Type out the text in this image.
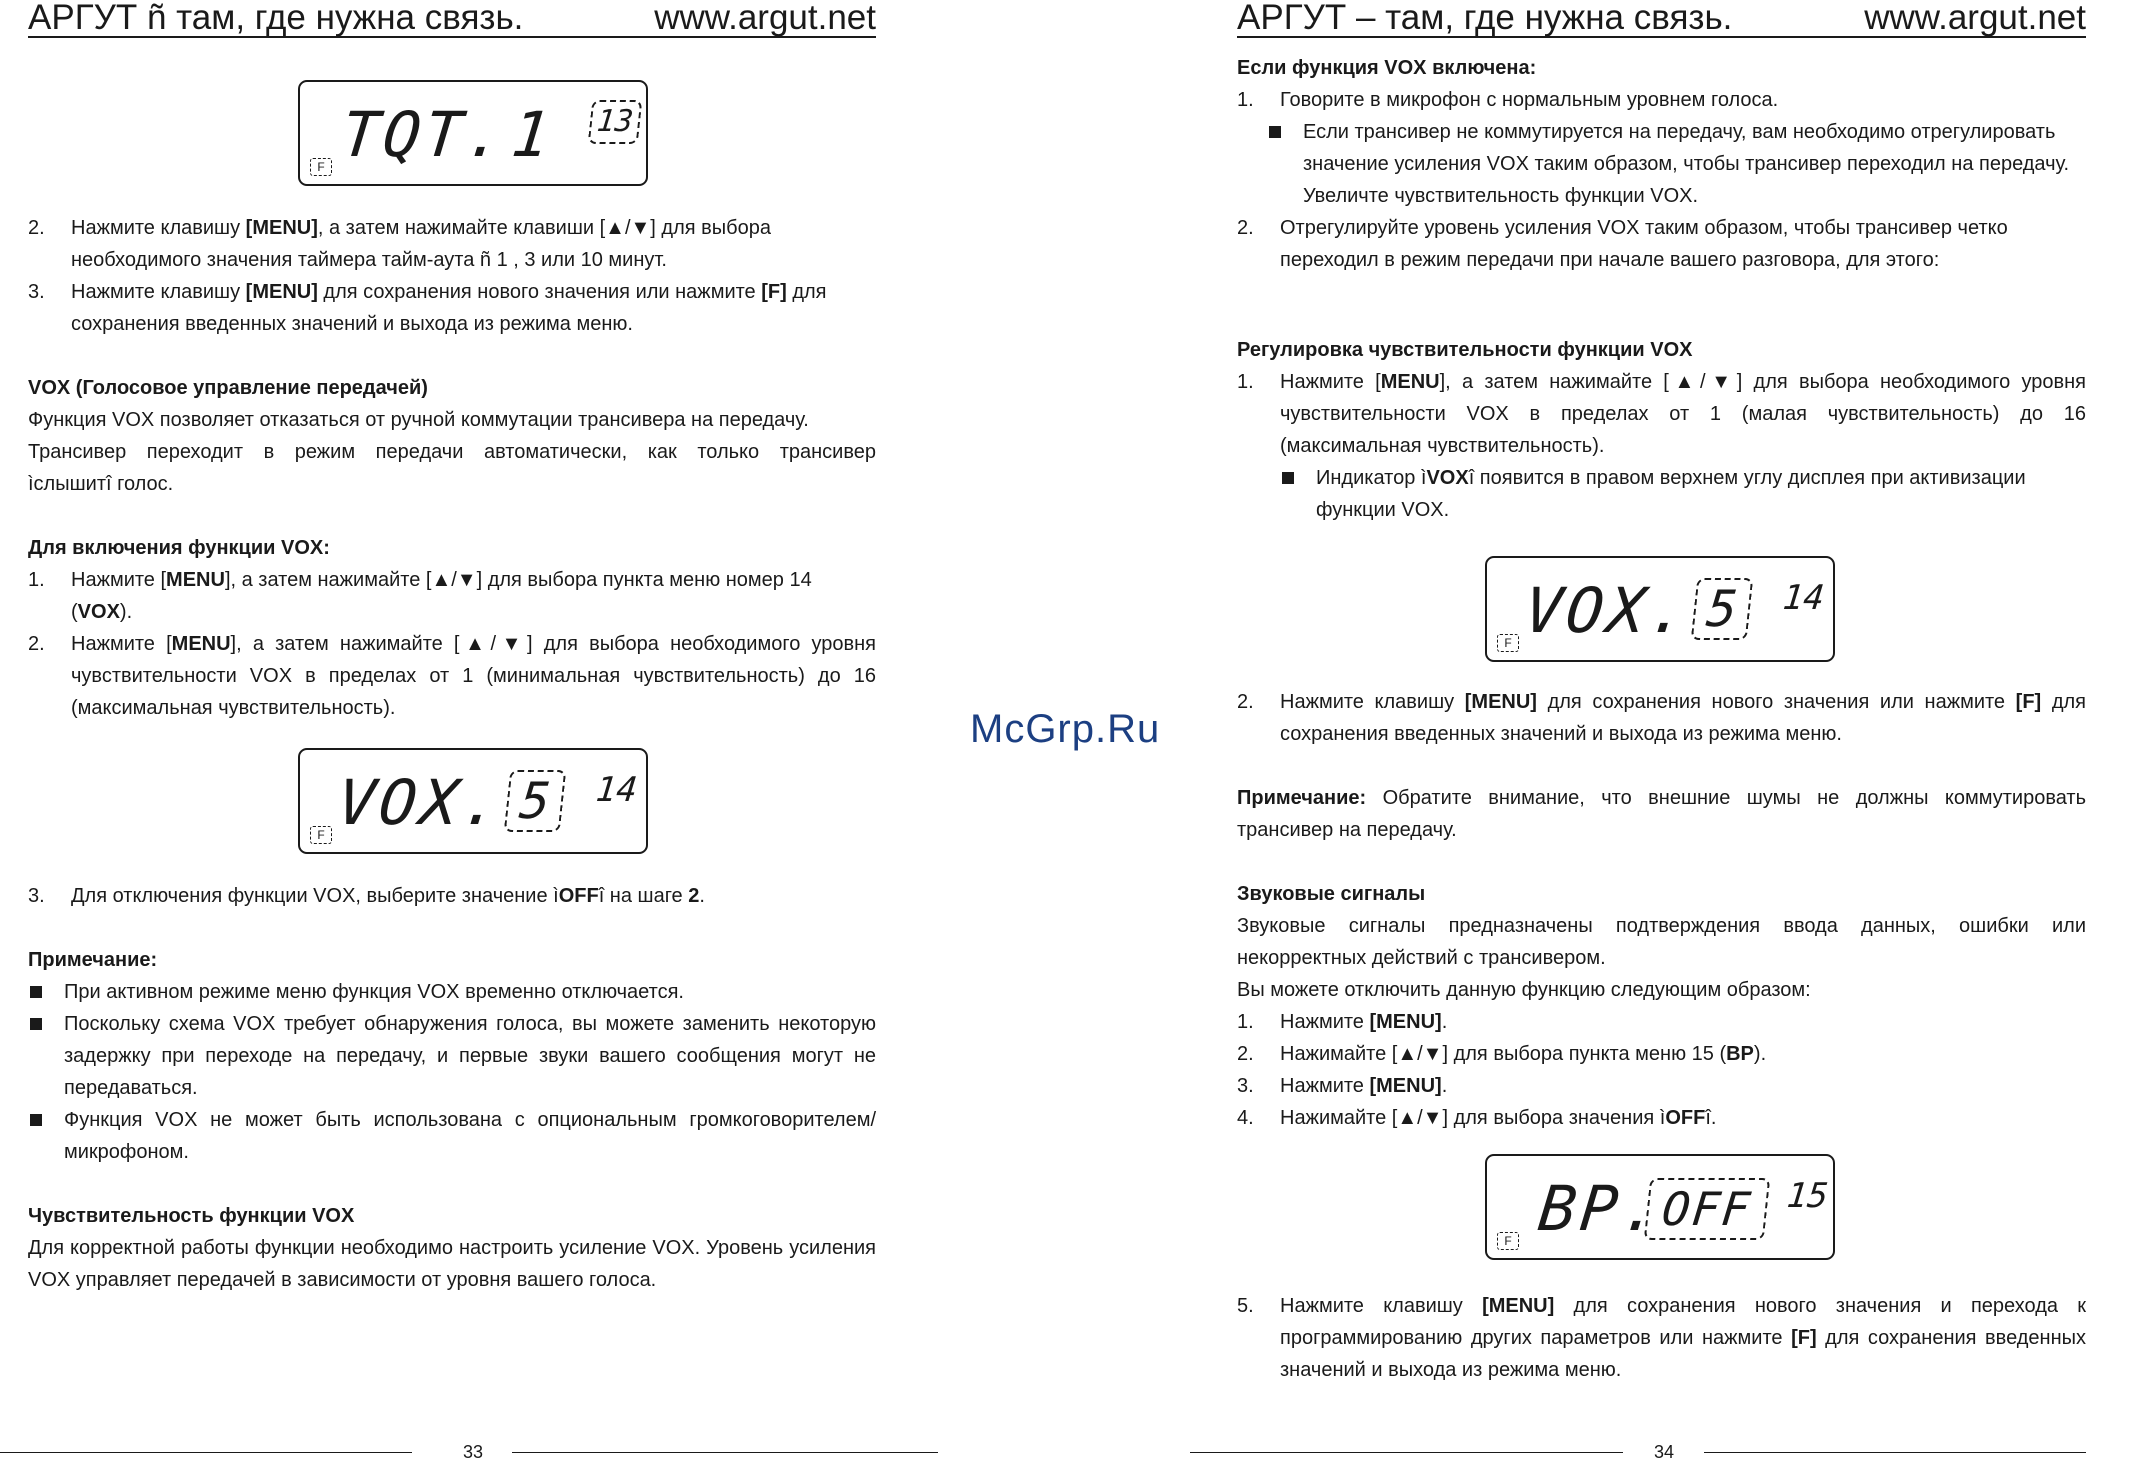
АРГУТ ñ там, где нужна связь.	www.argut.net
TQT.
1 13
F
2.	Нажмите клавишу [MENU], а затем нажимайте клавиши [▲/▼] для выбора необходимого значения таймера тайм-аута ñ 1 , 3 или 10 минут.
3.	Нажмите клавишу [MENU] для сохранения нового значения или нажмите [F] для сохранения введенных значений и выхода из режима меню.

VOX (Голосовое управление передачей)

Функция VOX позволяет отказаться от ручной коммутации трансивера на передачу.

Трансивер переходит в режим передачи автоматически, как только трансивер

ìслышитî голос.

Для включения функции VOX:

1.	Нажмите [MENU], а затем нажимайте [▲/▼] для выбора пункта меню номер 14 (VOX).
2.	Нажмите [MENU], а затем нажимайте [▲/▼] для выбора необходимого уровня чувствительности VOX в пределах от 1 (минимальная чувствительность) до 16 (максимальная чувствительность).
VOX. 5	14
F
3.	Для отключения функции VOX, выберите значение ìOFFî на шаге 2.

Примечание:

При активном режиме меню функция VOX временно отключается.
Поскольку схема VOX требует обнаружения голоса, вы можете заменить некоторую задержку при переходе на передачу, и первые звуки вашего сообщения могут не передаваться.
Функция VOX не может быть использована с опциональным громкоговорителем/микрофоном.

Чувствительность функции VOX

Для корректной работы функции необходимо настроить усиление VOX. Уровень усиления VOX управляет передачей в зависимости от уровня вашего голоса.

33
McGrp.Ru
АРГУТ – там, где нужна связь.	www.argut.net

Если функция VOX включена:

1.	Говорите в микрофон с нормальным уровнем голоса.
Если трансивер не коммутируется на передачу, вам необходимо отрегулировать значение усиления VOX таким образом, чтобы трансивер переходил на передачу. Увеличте чувствительность функции VOX.
2.	Отрегулируйте уровень усиления VOX таким образом, чтобы трансивер четко переходил в режим передачи при начале вашего разговора, для этого:

Регулировка чувствительности функции VOX

1.	Нажмите [MENU], а затем нажимайте [▲/▼] для выбора необходимого уровня чувствительности VOX в пределах от 1 (малая чувствительность) до 16 (максимальная чувствительность).
Индикатор ìVOXî появится в правом верхнем углу дисплея при активизации функции VOX.
VOX. 5	14
F
2.	Нажмите клавишу [MENU] для сохранения нового значения или нажмите [F] для сохранения введенных значений и выхода из режима меню.

Примечание: Обратите внимание, что внешние шумы не должны коммутировать трансивер на передачу.

Звуковые сигналы

Звуковые сигналы предназначены подтверждения ввода данных, ошибки или некорректных действий с трансивером.

Вы можете отключить данную функцию следующим образом:

1.	Нажмите [MENU].
2.	Нажимайте [▲/▼] для выбора пункта меню 15 (BP).
3.	Нажмите [MENU].
4.	Нажимайте [▲/▼] для выбора значения ìOFFî.
BP.
OFF 15
F
5.	Нажмите клавишу [MENU] для сохранения нового значения и перехода к программированию других параметров или нажмите [F] для сохранения введенных значений и выхода из режима меню.
34
